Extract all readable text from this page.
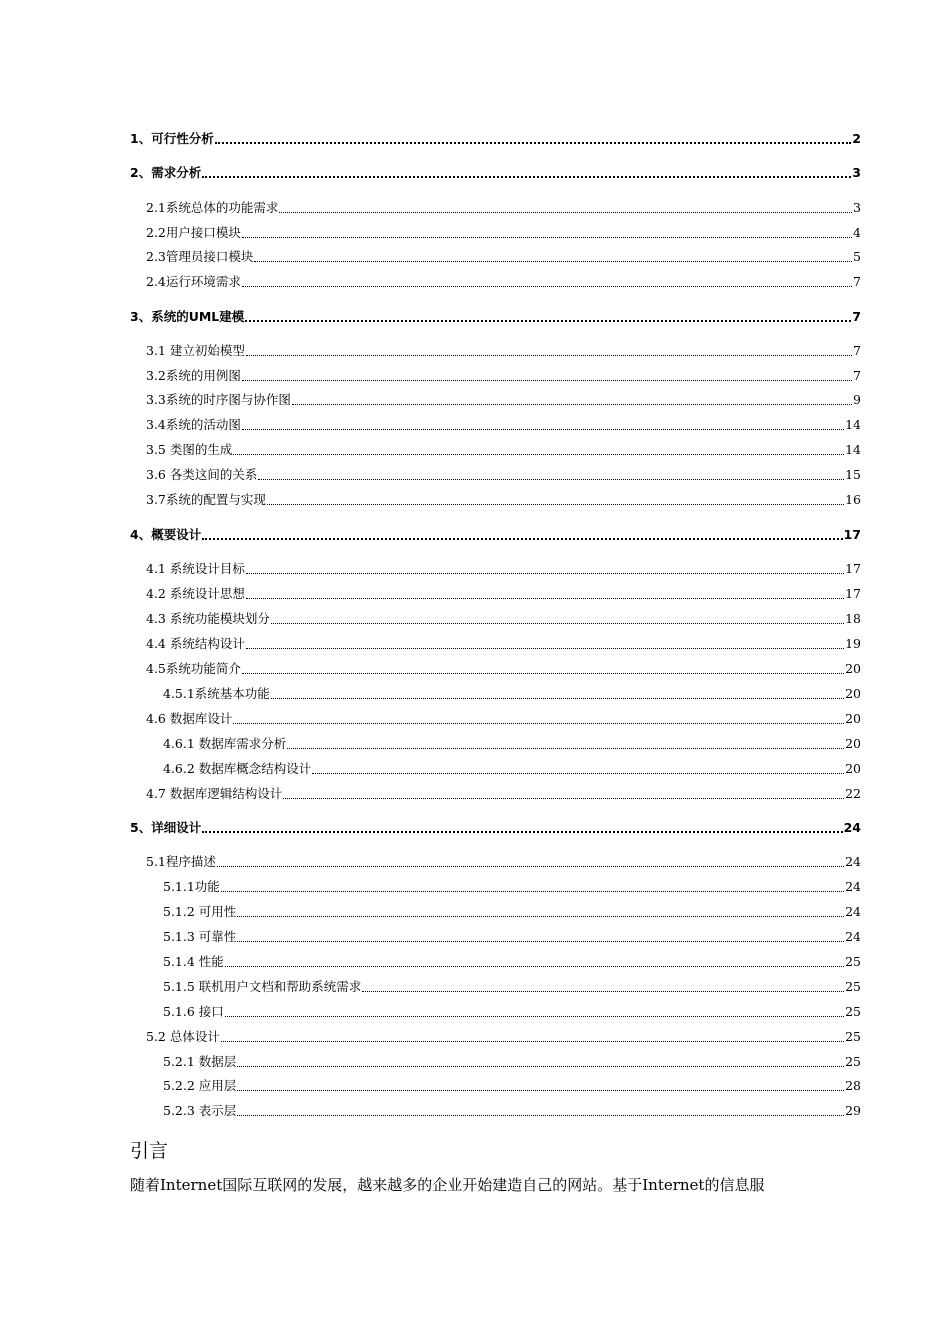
1、可行性分析	2
2、需求分析	3
2.1系统总体的功能需求	3
2.2用户接口模块	4
2.3管理员接口模块	5
2.4运行环境需求	7
3、系统的UML建模	7
3.1 建立初始模型	7
3.2系统的用例图	7
3.3系统的时序图与协作图	9
3.4系统的活动图	14
3.5 类图的生成	14
3.6 各类这间的关系	15
3.7系统的配置与实现	16
4、概要设计	17
4.1 系统设计目标	17
4.2 系统设计思想	17
4.3 系统功能模块划分	18
4.4 系统结构设计	19
4.5系统功能简介	20
4.5.1系统基本功能	20
4.6 数据库设计	20
4.6.1 数据库需求分析	20
4.6.2 数据库概念结构设计	20
4.7 数据库逻辑结构设计	22
5、详细设计	24
5.1程序描述	24
5.1.1功能	24
5.1.2 可用性	24
5.1.3 可靠性	24
5.1.4 性能	25
5.1.5 联机用户文档和帮助系统需求	25
5.1.6 接口	25
5.2 总体设计	25
5.2.1 数据层	25
5.2.2 应用层	28
5.2.3 表示层	29
引言
随着Internet国际互联网的发展，越来越多的企业开始建造自己的网站。基于Internet的信息服
